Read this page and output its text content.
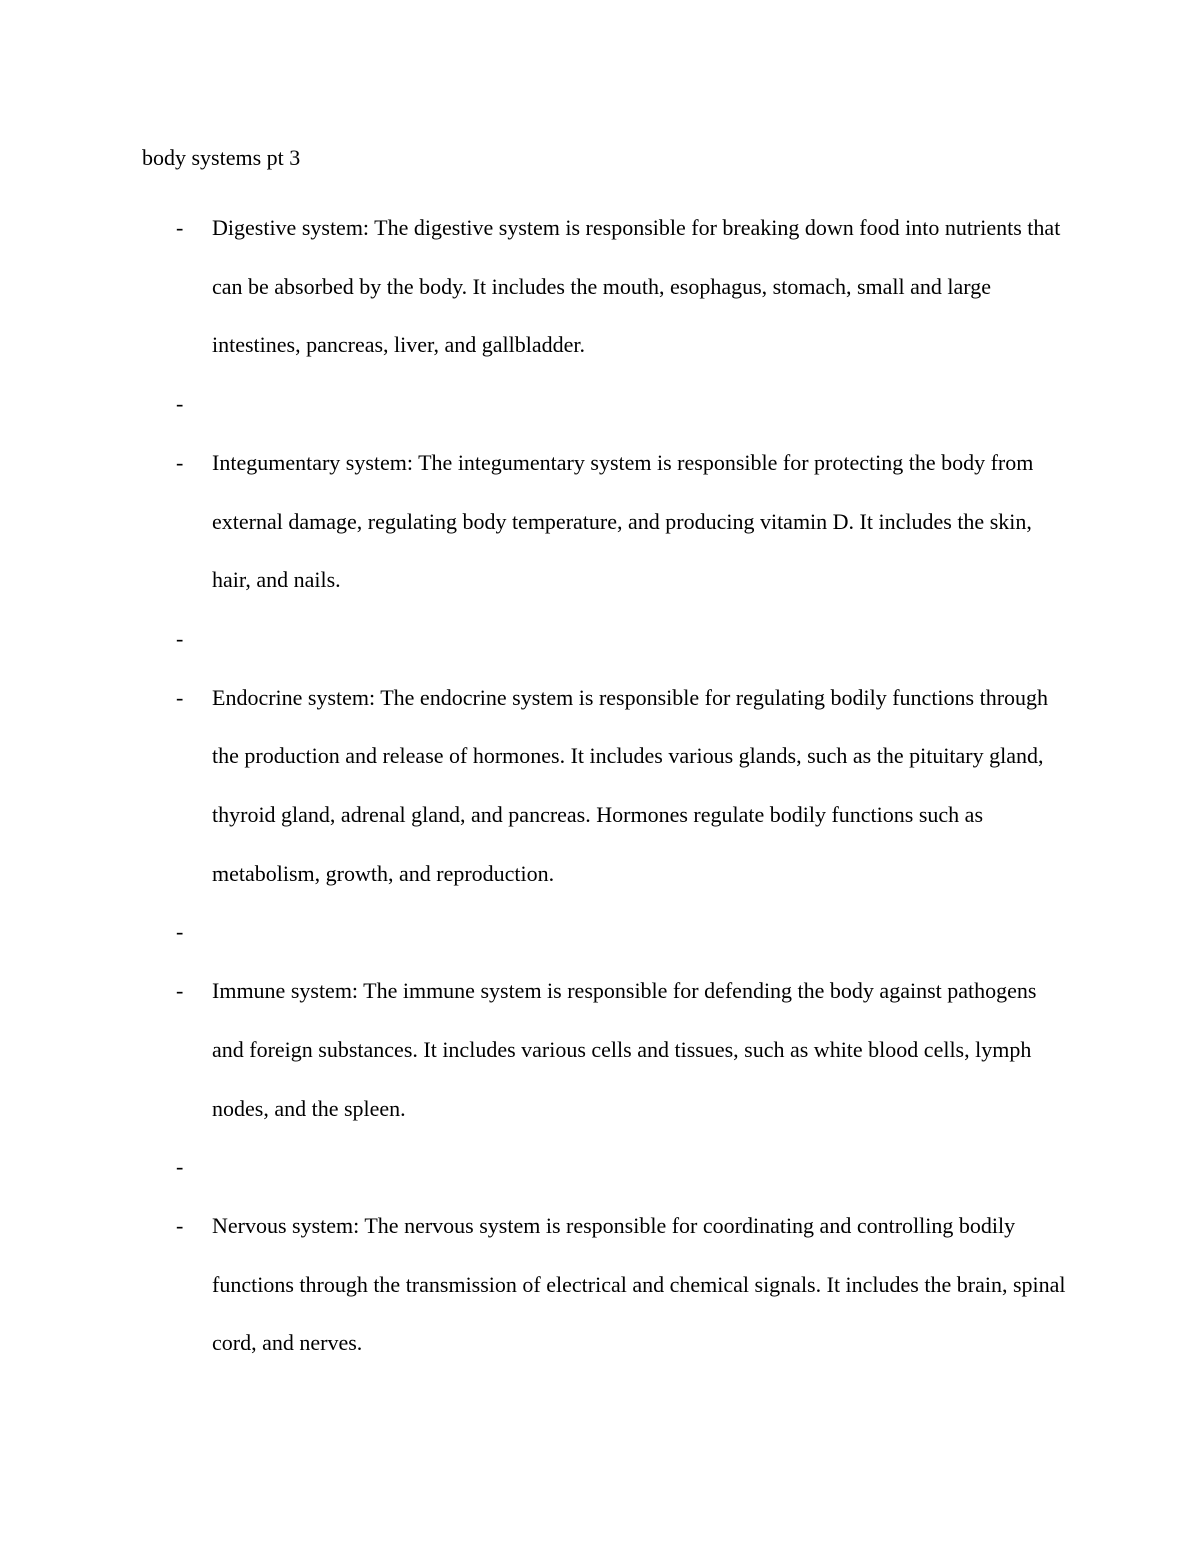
body systems pt 3
-	Digestive system: The digestive system is responsible for breaking down food into nutrients that can be absorbed by the body. It includes the mouth, esophagus, stomach, small and large intestines, pancreas, liver, and gallbladder.
-
-	Integumentary system: The integumentary system is responsible for protecting the body from external damage, regulating body temperature, and producing vitamin D. It includes the skin, hair, and nails.
-
-	Endocrine system: The endocrine system is responsible for regulating bodily functions through the production and release of hormones. It includes various glands, such as the pituitary gland, thyroid gland, adrenal gland, and pancreas. Hormones regulate bodily functions such as metabolism, growth, and reproduction.
-
-	Immune system: The immune system is responsible for defending the body against pathogens and foreign substances. It includes various cells and tissues, such as white blood cells, lymph nodes, and the spleen.
-
-	Nervous system: The nervous system is responsible for coordinating and controlling bodily functions through the transmission of electrical and chemical signals. It includes the brain, spinal cord, and nerves.
